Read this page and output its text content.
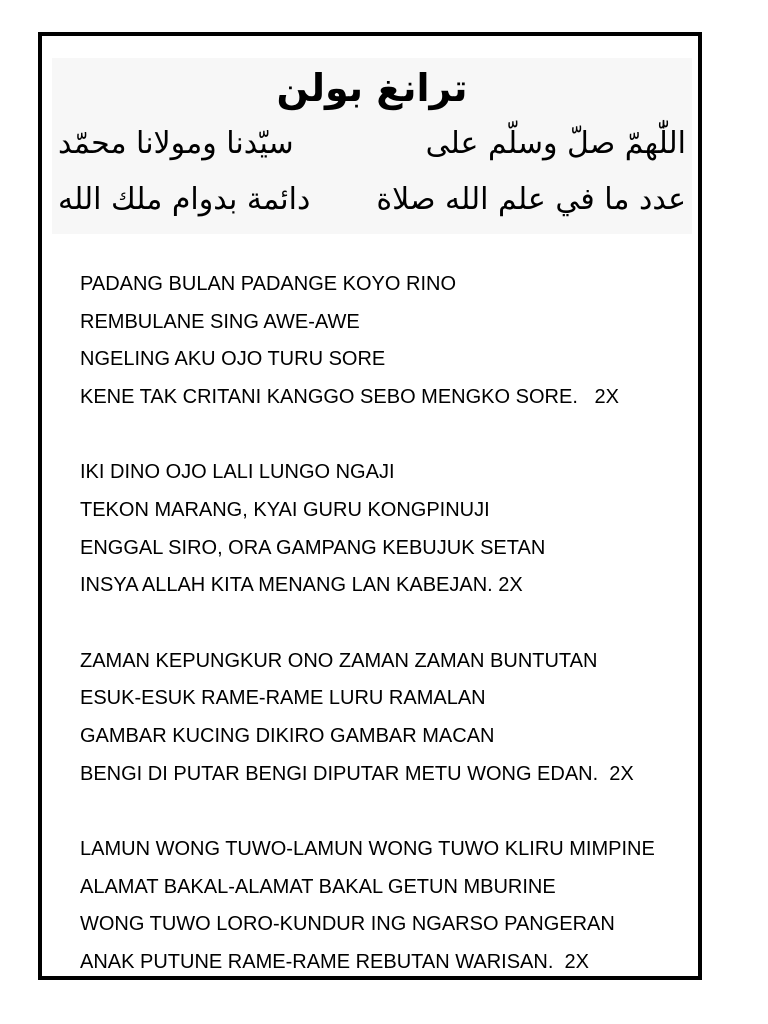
ترانغ بولن
اللّٰهمّ صلّ وسلّم على
سيّدنا ومولانا محمّد
عدد ما في علم الله صلاة
دائمة بدوام ملك الله
PADANG BULAN PADANGE KOYO RINO
REMBULANE SING AWE-AWE
NGELING AKU OJO TURU SORE
KENE TAK CRITANI KANGGO SEBO MENGKO SORE.   2X
IKI DINO OJO LALI LUNGO NGAJI
TEKON MARANG, KYAI GURU KONGPINUJI
ENGGAL SIRO, ORA GAMPANG KEBUJUK SETAN
INSYA ALLAH KITA MENANG LAN KABEJAN. 2X
ZAMAN KEPUNGKUR ONO ZAMAN ZAMAN BUNTUTAN
ESUK-ESUK RAME-RAME LURU RAMALAN
GAMBAR KUCING DIKIRO GAMBAR MACAN
BENGI DI PUTAR BENGI DIPUTAR METU WONG EDAN.  2X
LAMUN WONG TUWO-LAMUN WONG TUWO KLIRU MIMPINE
ALAMAT BAKAL-ALAMAT BAKAL GETUN MBURINE
WONG TUWO LORO-KUNDUR ING NGARSO PANGERAN
ANAK PUTUNE RAME-RAME REBUTAN WARISAN.  2X
